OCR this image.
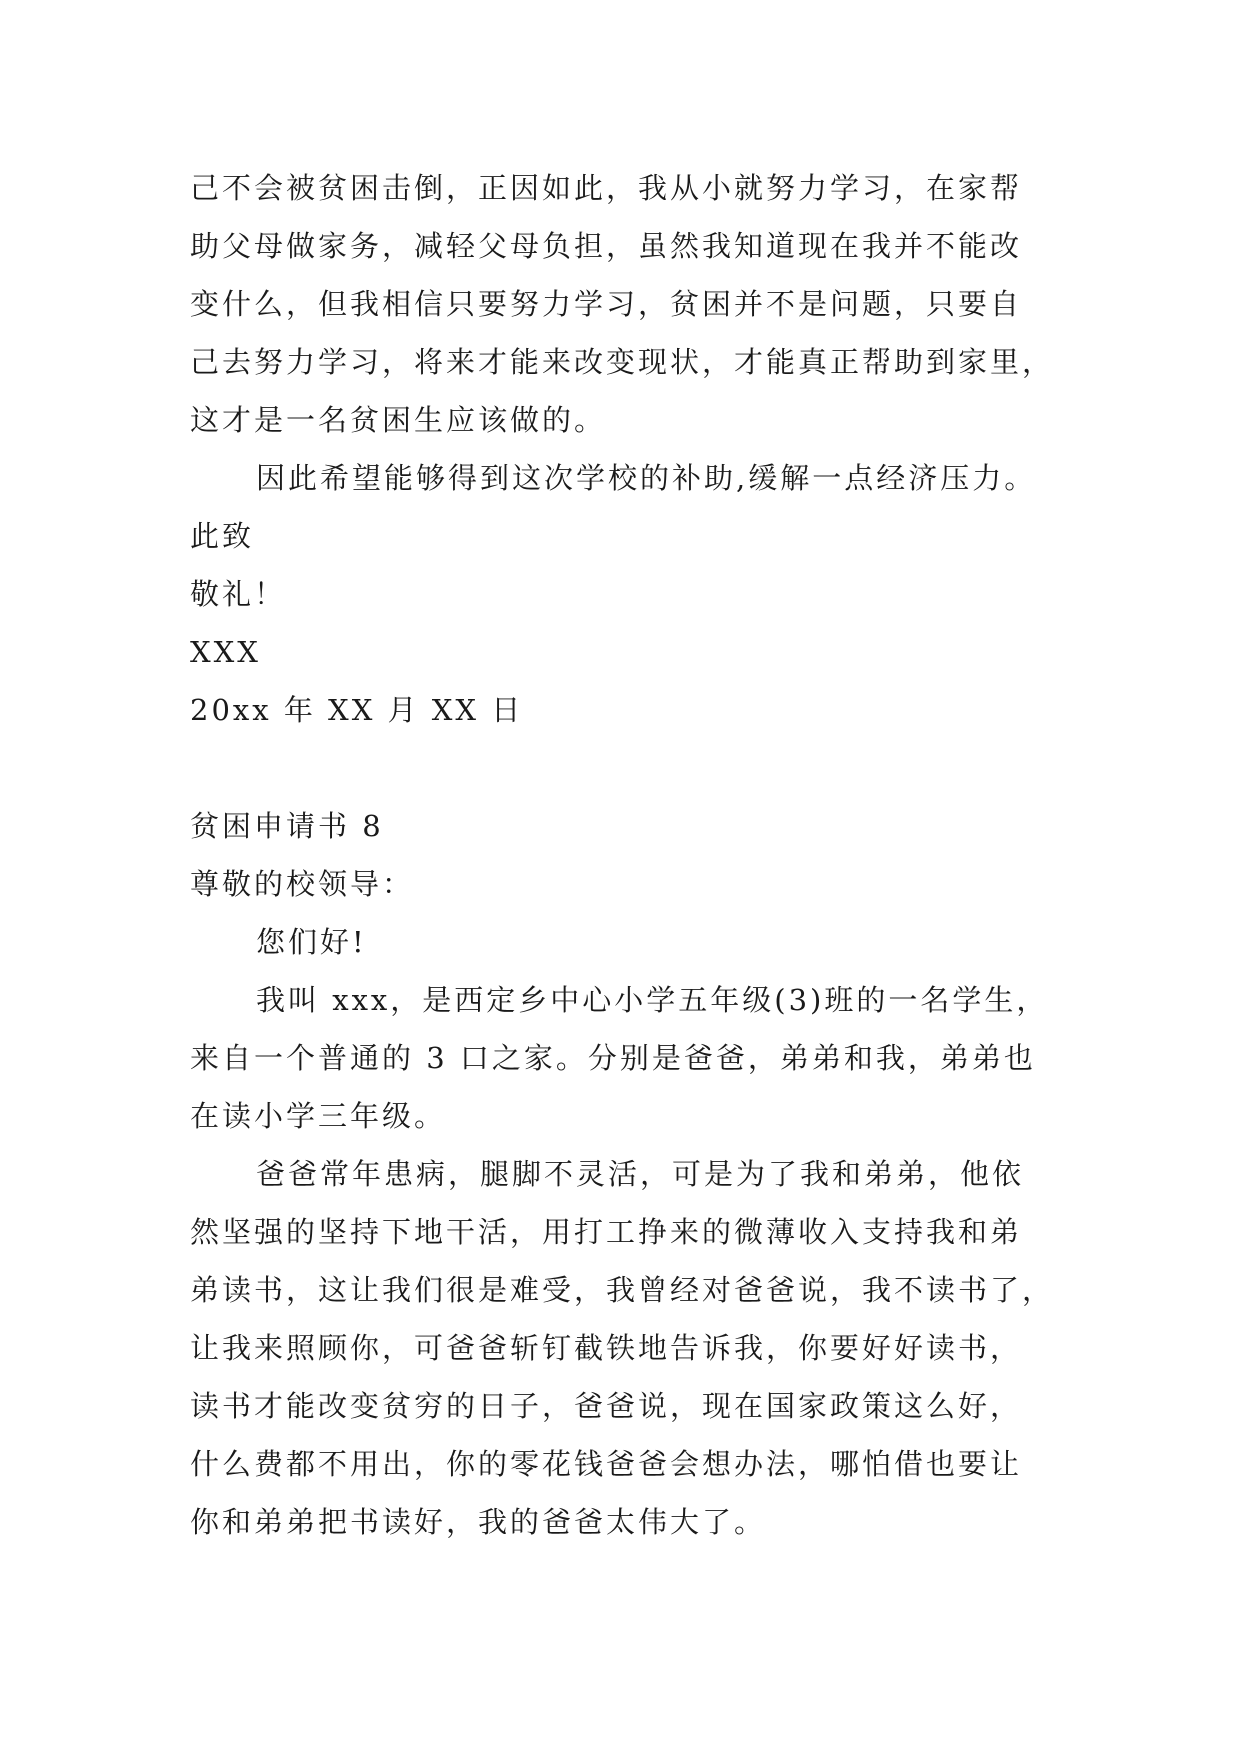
己不会被贫困击倒，正因如此，我从小就努力学习，在家帮

助父母做家务，减轻父母负担，虽然我知道现在我并不能改

变什么，但我相信只要努力学习，贫困并不是问题，只要自

己去努力学习，将来才能来改变现状，才能真正帮助到家里，

这才是一名贫困生应该做的。

因此希望能够得到这次学校的补助,缓解一点经济压力。

此致

敬礼！

XXX

20xx 年 XX 月 XX 日

贫困申请书 8

尊敬的校领导：

您们好!

我叫 xxx，是西定乡中心小学五年级(3)班的一名学生，

来自一个普通的 3 口之家。分别是爸爸，弟弟和我，弟弟也

在读小学三年级。

爸爸常年患病，腿脚不灵活，可是为了我和弟弟，他依

然坚强的坚持下地干活，用打工挣来的微薄收入支持我和弟

弟读书，这让我们很是难受，我曾经对爸爸说，我不读书了，

让我来照顾你，可爸爸斩钉截铁地告诉我，你要好好读书，

读书才能改变贫穷的日子，爸爸说，现在国家政策这么好，

什么费都不用出，你的零花钱爸爸会想办法，哪怕借也要让

你和弟弟把书读好，我的爸爸太伟大了。
